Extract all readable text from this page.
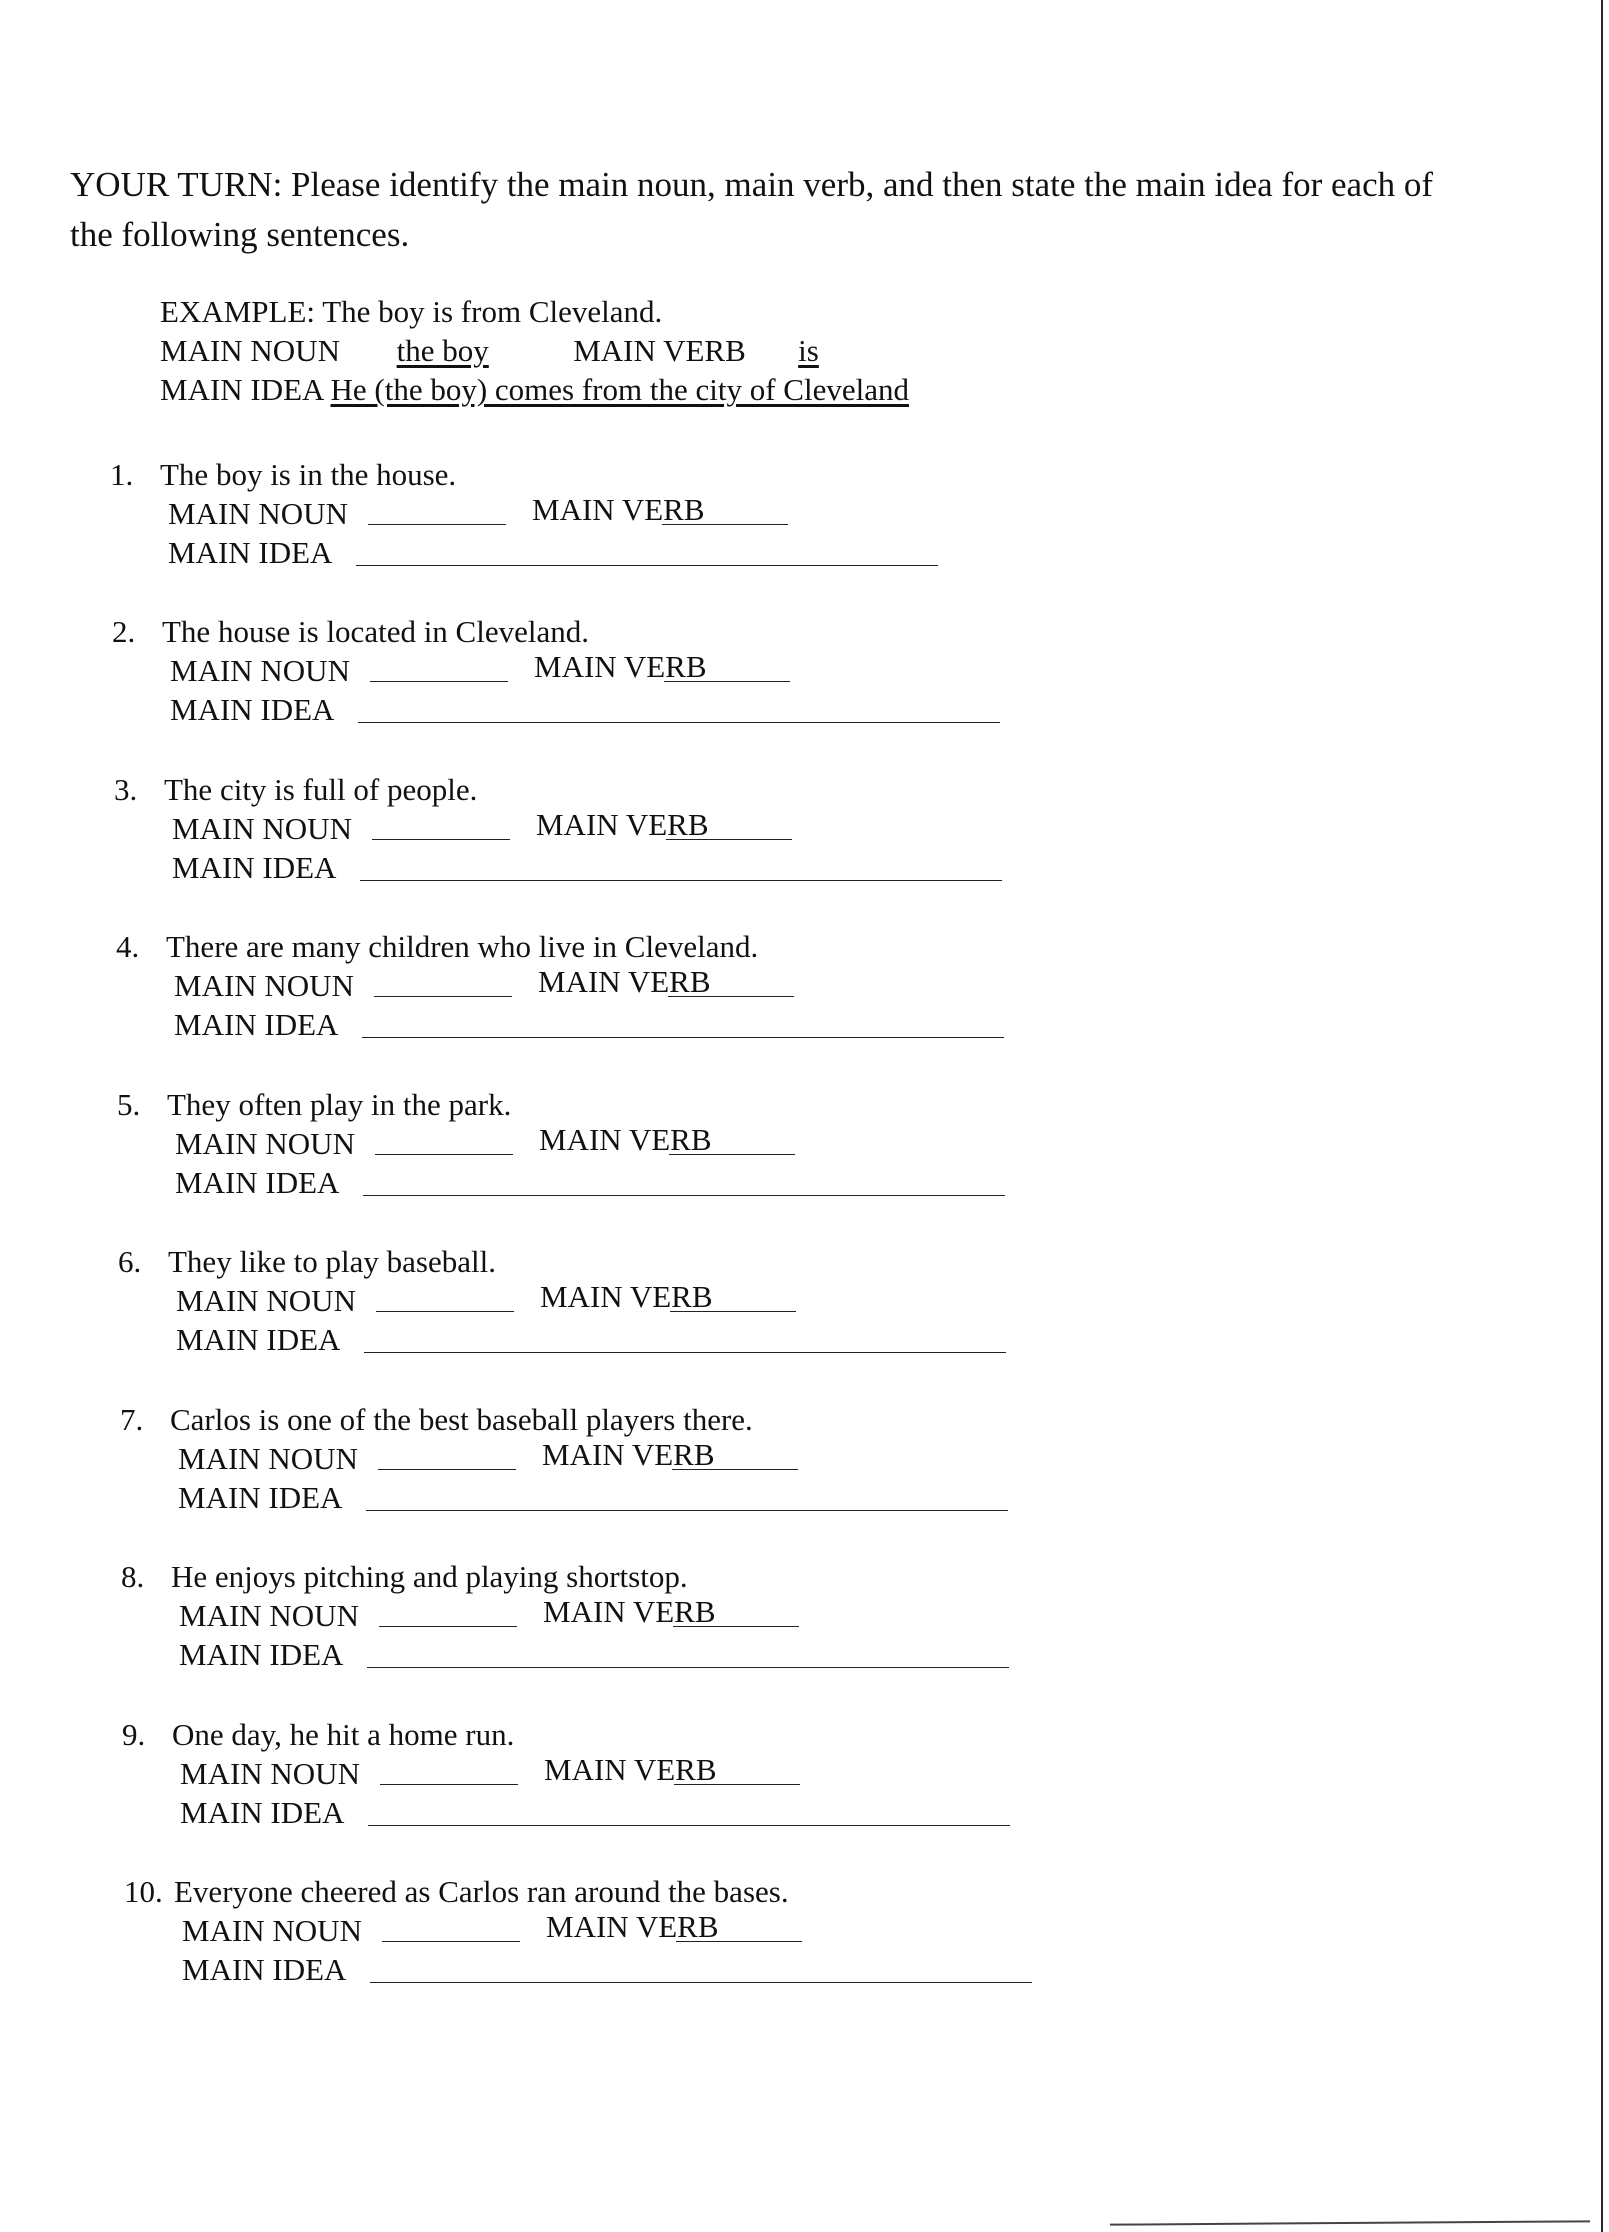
YOUR TURN: Please identify the main noun, main verb, and then state the main idea for each of the following sentences.
EXAMPLE: The boy is from Cleveland.
MAIN NOUN the boy	MAIN VERB is
MAIN IDEA He (the boy) comes from the city of Cleveland
1. The boy is in the house.
MAIN NOUN	MAIN VERB
MAIN IDEA
2. The house is located in Cleveland.
MAIN NOUN	MAIN VERB
MAIN IDEA
3. The city is full of people.
MAIN NOUN	MAIN VERB
MAIN IDEA
4. There are many children who live in Cleveland.
MAIN NOUN	MAIN VERB
MAIN IDEA
5. They often play in the park.
MAIN NOUN	MAIN VERB
MAIN IDEA
6. They like to play baseball.
MAIN NOUN	MAIN VERB
MAIN IDEA
7. Carlos is one of the best baseball players there.
MAIN NOUN	MAIN VERB
MAIN IDEA
8. He enjoys pitching and playing shortstop.
MAIN NOUN	MAIN VERB
MAIN IDEA
9. One day, he hit a home run.
MAIN NOUN	MAIN VERB
MAIN IDEA
10. Everyone cheered as Carlos ran around the bases.
MAIN NOUN	MAIN VERB
MAIN IDEA
